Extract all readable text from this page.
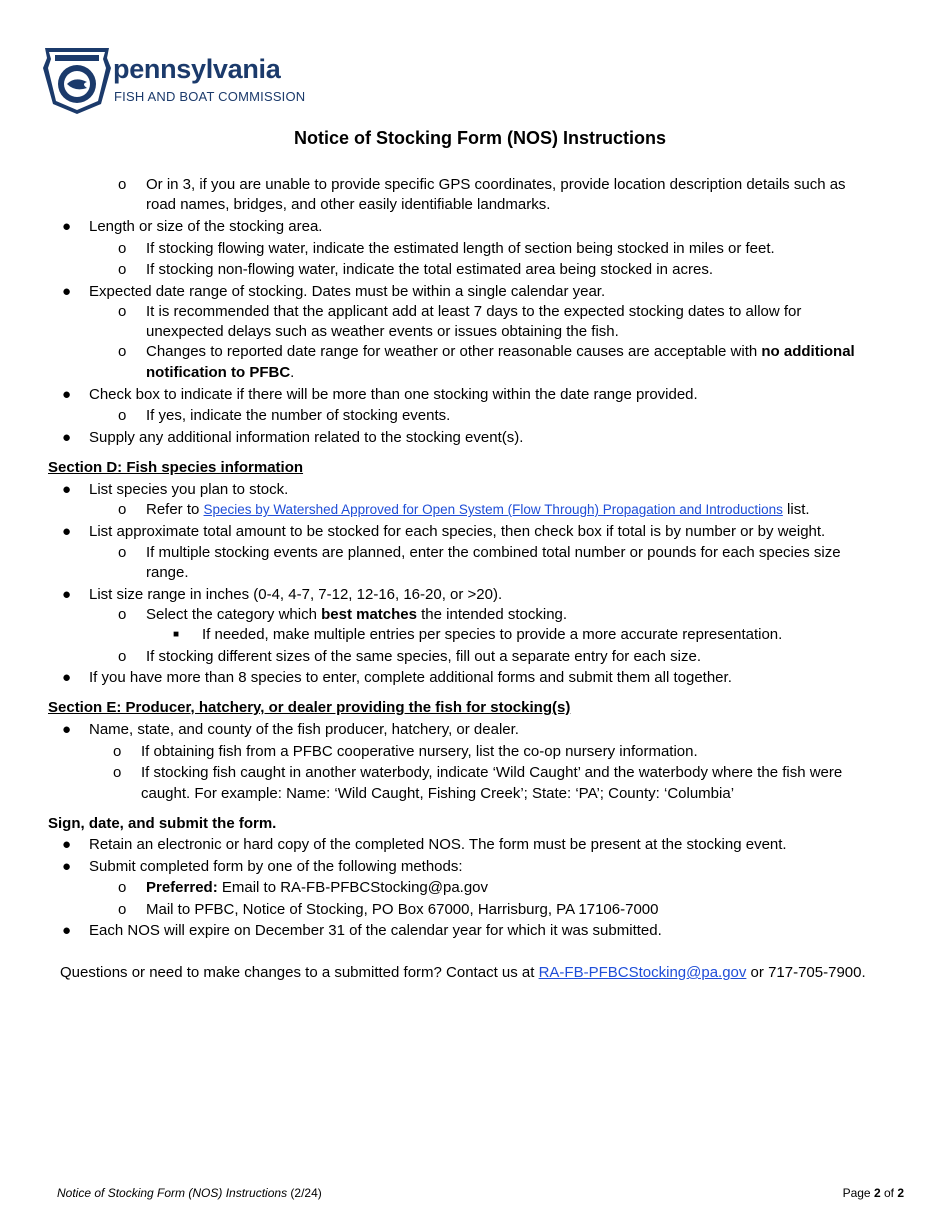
pennsylvania
FISH AND BOAT COMMISSION
Notice of Stocking Form (NOS) Instructions
o Or in 3, if you are unable to provide specific GPS coordinates, provide location description details such as
road names, bridges, and other easily identifiable landmarks.
● Length or size of the stocking area.
o If stocking flowing water, indicate the estimated length of section being stocked in miles or feet.
o If stocking non-flowing water, indicate the total estimated area being stocked in acres.
● Expected date range of stocking. Dates must be within a single calendar year.
o It is recommended that the applicant add at least 7 days to the expected stocking dates to allow for
unexpected delays such as weather events or issues obtaining the fish.
o Changes to reported date range for weather or other reasonable causes are acceptable with no additional
notification to PFBC.
● Check box to indicate if there will be more than one stocking within the date range provided.
o If yes, indicate the number of stocking events.
● Supply any additional information related to the stocking event(s).
Section D: Fish species information
● List species you plan to stock.
o Refer to Species by Watershed Approved for Open System (Flow Through) Propagation and Introductions list.
● List approximate total amount to be stocked for each species, then check box if total is by number or by weight.
o If multiple stocking events are planned, enter the combined total number or pounds for each species size
range.
● List size range in inches (0-4, 4-7, 7-12, 12-16, 16-20, or >20).
o Select the category which best matches the intended stocking.
■ If needed, make multiple entries per species to provide a more accurate representation.
o If stocking different sizes of the same species, fill out a separate entry for each size.
● If you have more than 8 species to enter, complete additional forms and submit them all together.
Section E: Producer, hatchery, or dealer providing the fish for stocking(s)
● Name, state, and county of the fish producer, hatchery, or dealer.
o If obtaining fish from a PFBC cooperative nursery, list the co-op nursery information.
o If stocking fish caught in another waterbody, indicate ‘Wild Caught’ and the waterbody where the fish were
caught. For example: Name: ‘Wild Caught, Fishing Creek’; State: ‘PA’; County: ‘Columbia’
Sign, date, and submit the form.
● Retain an electronic or hard copy of the completed NOS. The form must be present at the stocking event.
● Submit completed form by one of the following methods:
o Preferred: Email to RA-FB-PFBCStocking@pa.gov
o Mail to PFBC, Notice of Stocking, PO Box 67000, Harrisburg, PA 17106-7000
● Each NOS will expire on December 31 of the calendar year for which it was submitted.
Questions or need to make changes to a submitted form? Contact us at RA-FB-PFBCStocking@pa.gov or 717-705-7900.
Notice of Stocking Form (NOS) Instructions (2/24)	Page 2 of 2
